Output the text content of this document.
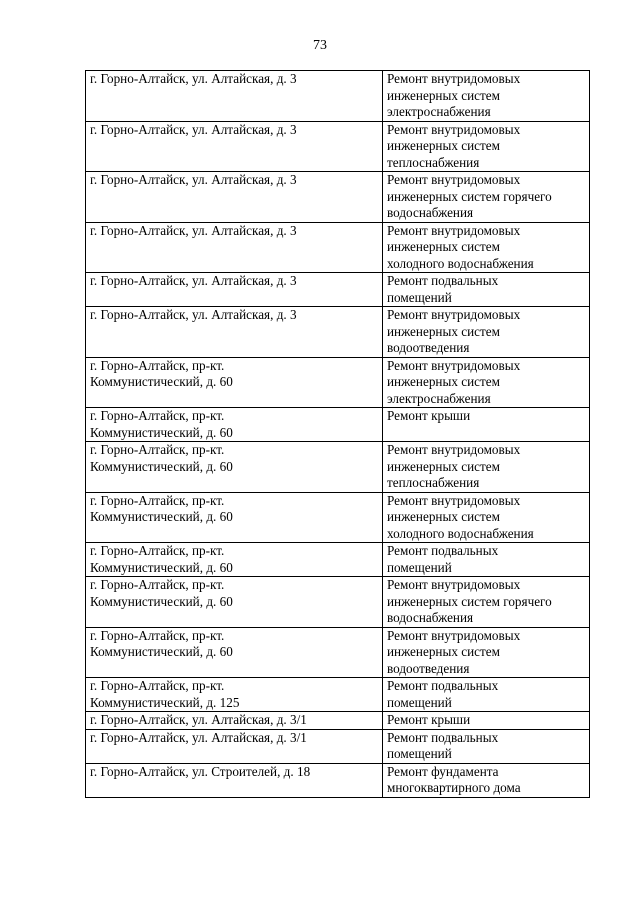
73
г. Горно-Алтайск, ул. Алтайская, д. 3	Ремонт внутридомовых
инженерных систем
электроснабжения
г. Горно-Алтайск, ул. Алтайская, д. 3	Ремонт внутридомовых
инженерных систем
теплоснабжения
г. Горно-Алтайск, ул. Алтайская, д. 3	Ремонт внутридомовых
инженерных систем горячего
водоснабжения
г. Горно-Алтайск, ул. Алтайская, д. 3	Ремонт внутридомовых
инженерных систем
холодного водоснабжения
г. Горно-Алтайск, ул. Алтайская, д. 3	Ремонт подвальных
помещений
г. Горно-Алтайск, ул. Алтайская, д. 3	Ремонт внутридомовых
инженерных систем
водоотведения
г. Горно-Алтайск, пр-кт.
Коммунистический, д. 60	Ремонт внутридомовых
инженерных систем
электроснабжения
г. Горно-Алтайск, пр-кт.
Коммунистический, д. 60	Ремонт крыши
г. Горно-Алтайск, пр-кт.
Коммунистический, д. 60	Ремонт внутридомовых
инженерных систем
теплоснабжения
г. Горно-Алтайск, пр-кт.
Коммунистический, д. 60	Ремонт внутридомовых
инженерных систем
холодного водоснабжения
г. Горно-Алтайск, пр-кт.
Коммунистический, д. 60	Ремонт подвальных
помещений
г. Горно-Алтайск, пр-кт.
Коммунистический, д. 60	Ремонт внутридомовых
инженерных систем горячего
водоснабжения
г. Горно-Алтайск, пр-кт.
Коммунистический, д. 60	Ремонт внутридомовых
инженерных систем
водоотведения
г. Горно-Алтайск, пр-кт.
Коммунистический, д. 125	Ремонт подвальных
помещений
г. Горно-Алтайск, ул. Алтайская, д. 3/1	Ремонт крыши
г. Горно-Алтайск, ул. Алтайская, д. 3/1	Ремонт подвальных
помещений
г. Горно-Алтайск, ул. Строителей, д. 18	Ремонт фундамента
многоквартирного дома
